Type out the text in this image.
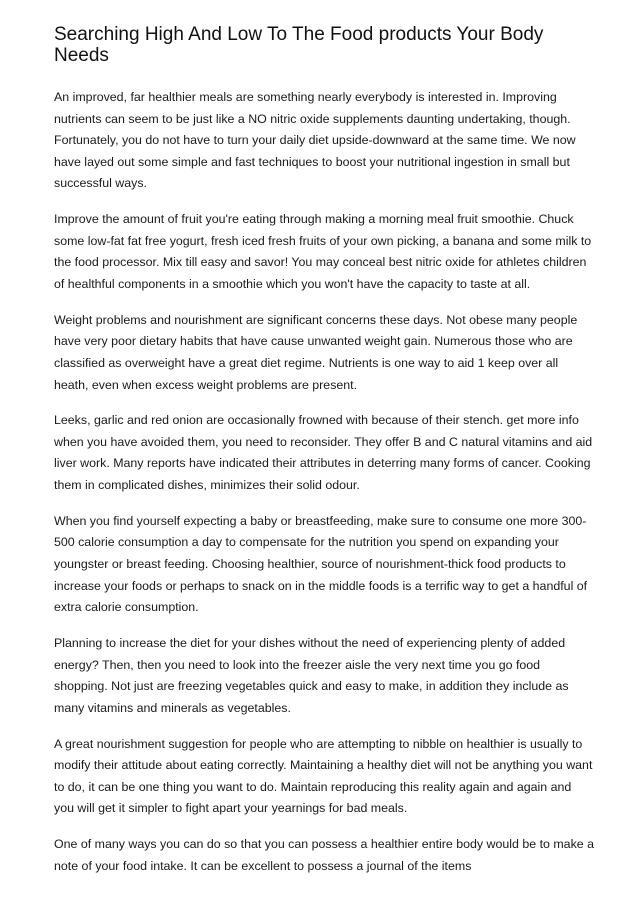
Searching High And Low To The Food products Your Body Needs

An improved, far healthier meals are something nearly everybody is interested in. Improving nutrients can seem to be just like a NO nitric oxide supplements daunting undertaking, though. Fortunately, you do not have to turn your daily diet upside-downward at the same time. We now have layed out some simple and fast techniques to boost your nutritional ingestion in small but successful ways.

Improve the amount of fruit you're eating through making a morning meal fruit smoothie. Chuck some low-fat fat free yogurt, fresh iced fresh fruits of your own picking, a banana and some milk to the food processor. Mix till easy and savor! You may conceal best nitric oxide for athletes children of healthful components in a smoothie which you won't have the capacity to taste at all.

Weight problems and nourishment are significant concerns these days. Not obese many people have very poor dietary habits that have cause unwanted weight gain. Numerous those who are classified as overweight have a great diet regime. Nutrients is one way to aid 1 keep over all heath, even when excess weight problems are present.

Leeks, garlic and red onion are occasionally frowned with because of their stench. get more info when you have avoided them, you need to reconsider. They offer B and C natural vitamins and aid liver work. Many reports have indicated their attributes in deterring many forms of cancer. Cooking them in complicated dishes, minimizes their solid odour.

When you find yourself expecting a baby or breastfeeding, make sure to consume one more 300-500 calorie consumption a day to compensate for the nutrition you spend on expanding your youngster or breast feeding. Choosing healthier, source of nourishment-thick food products to increase your foods or perhaps to snack on in the middle foods is a terrific way to get a handful of extra calorie consumption.

Planning to increase the diet for your dishes without the need of experiencing plenty of added energy? Then, then you need to look into the freezer aisle the very next time you go food shopping. Not just are freezing vegetables quick and easy to make, in addition they include as many vitamins and minerals as vegetables.

A great nourishment suggestion for people who are attempting to nibble on healthier is usually to modify their attitude about eating correctly. Maintaining a healthy diet will not be anything you want to do, it can be one thing you want to do. Maintain reproducing this reality again and again and you will get it simpler to fight apart your yearnings for bad meals.

One of many ways you can do so that you can possess a healthier entire body would be to make a note of your food intake. It can be excellent to possess a journal of the items
